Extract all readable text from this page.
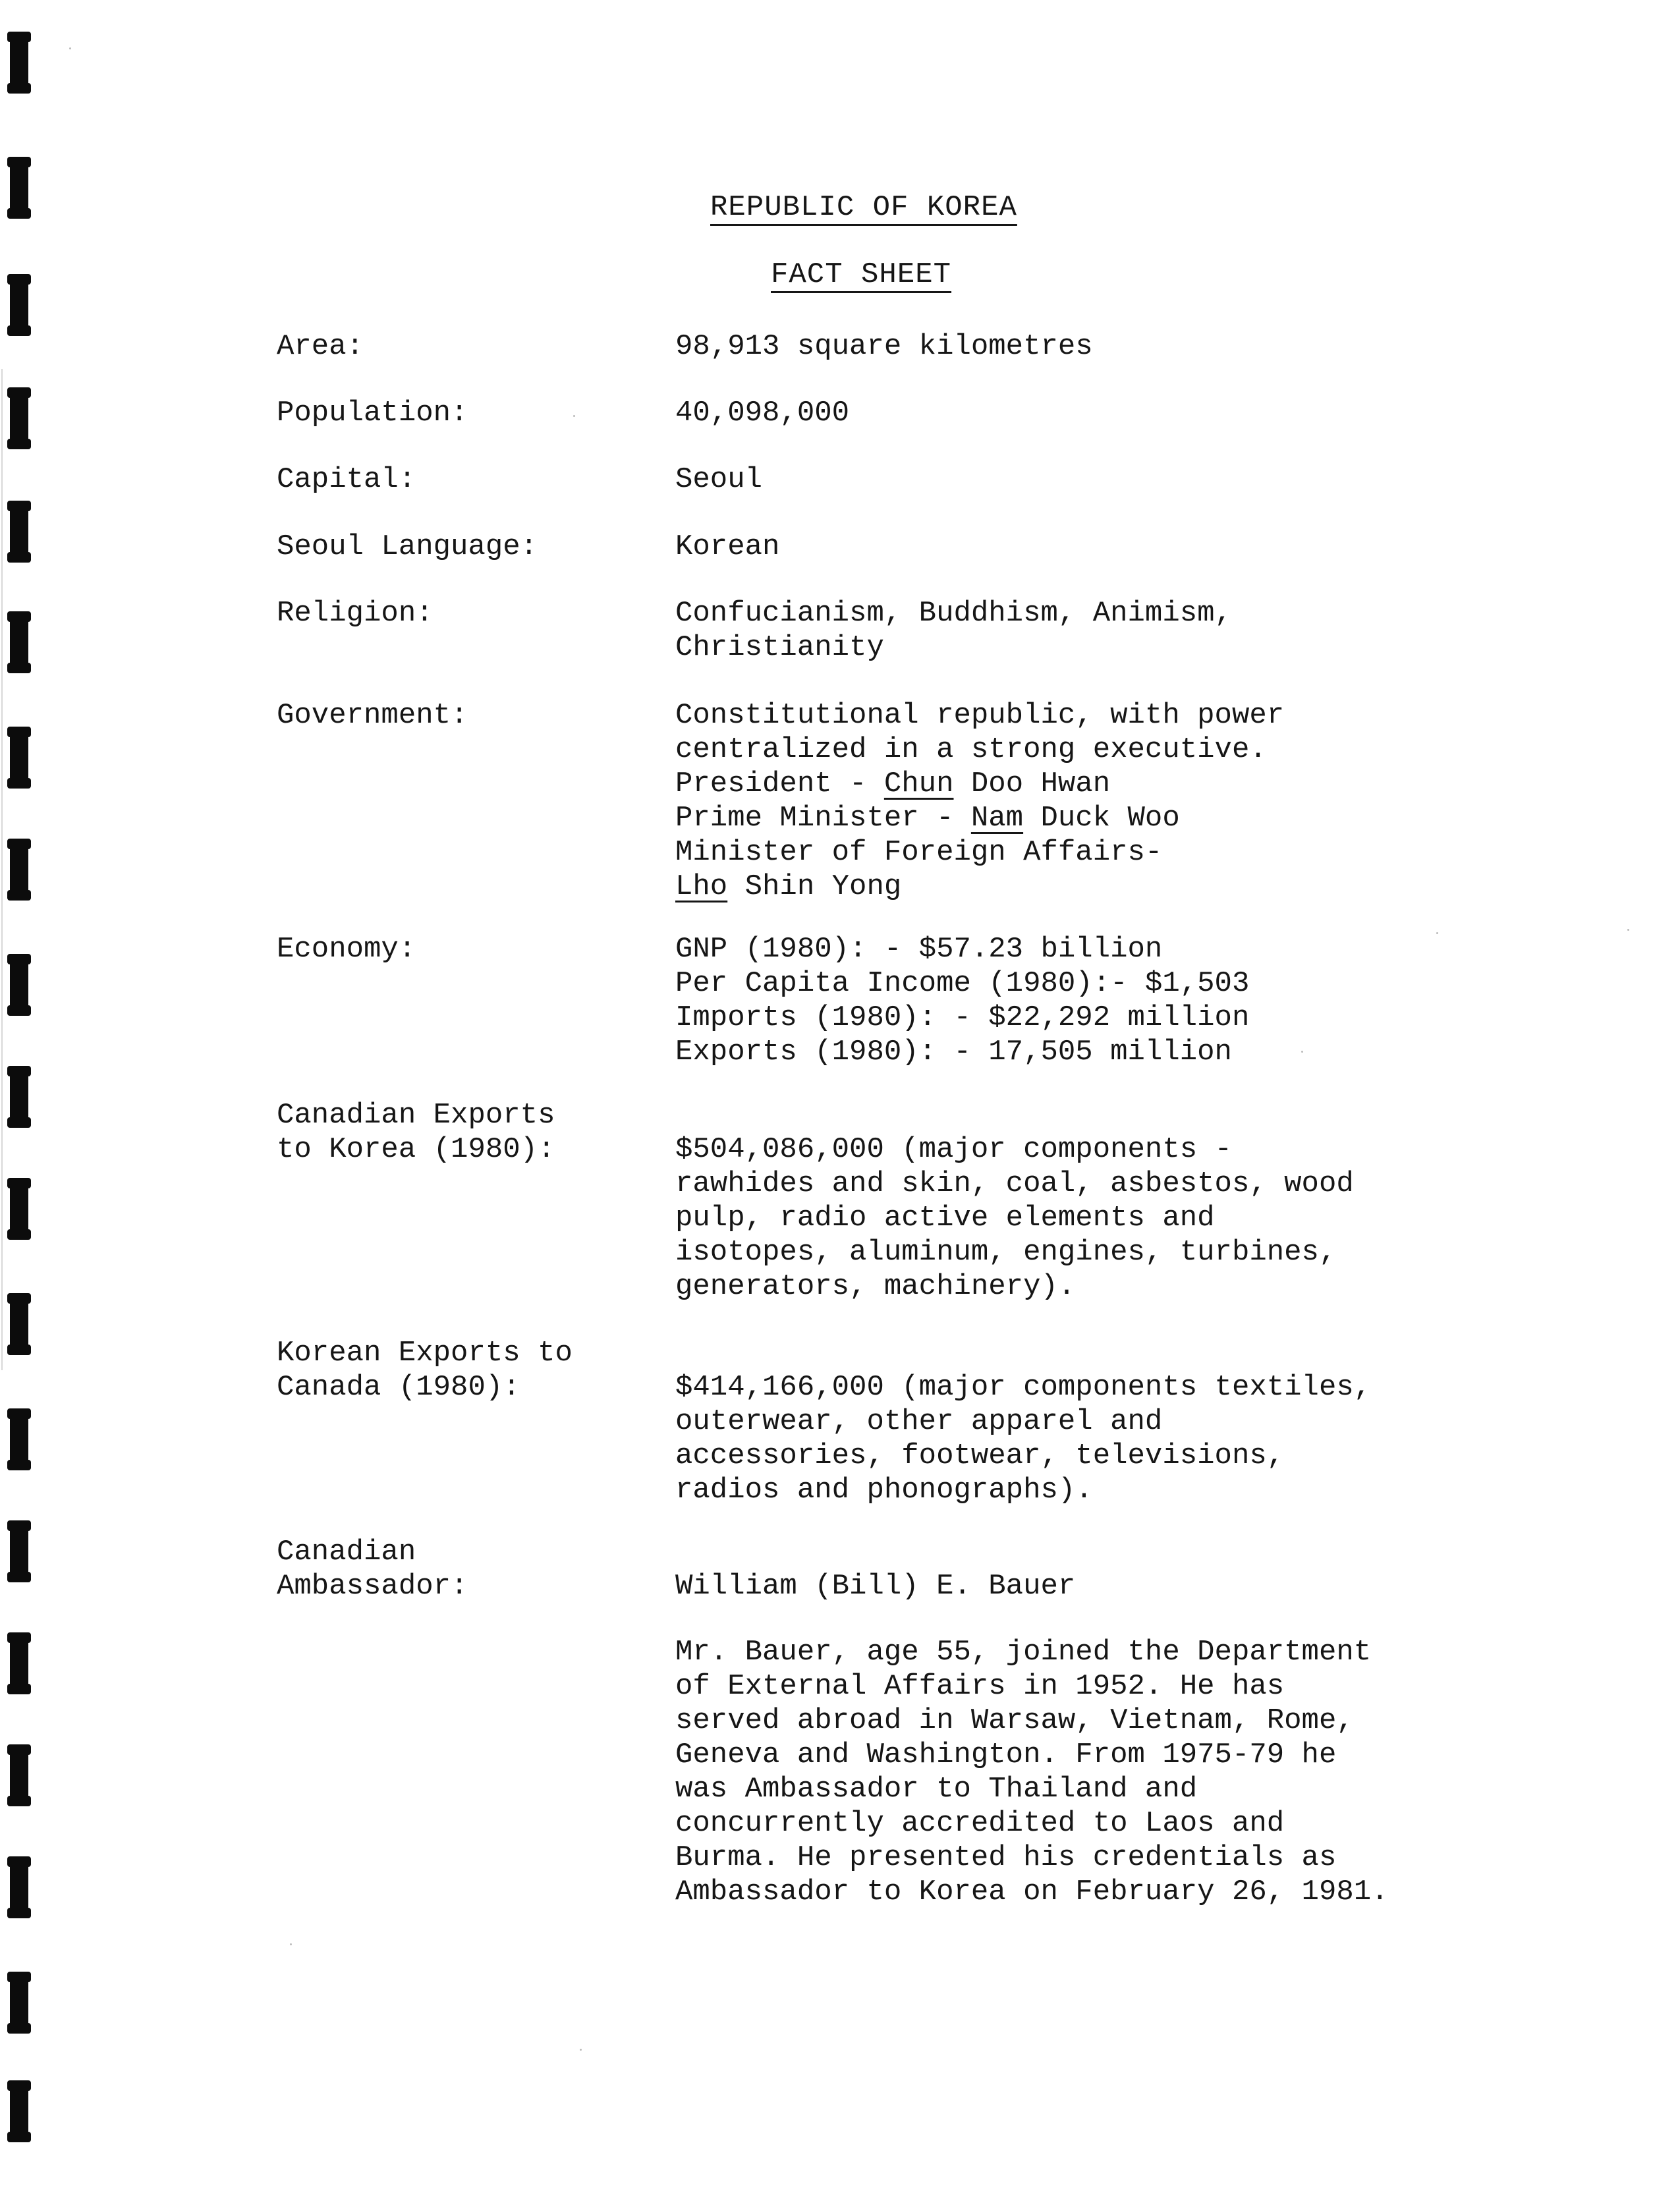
REPUBLIC OF KOREA
FACT SHEET
Area:	98,913 square kilometres
Population:	40,098,000
Capital:	Seoul
Seoul Language:	Korean
Religion:	Confucianism, Buddhism, Animism,
Christianity
Government:	Constitutional republic, with power
centralized in a strong executive.
President - Chun Doo Hwan
Prime Minister - Nam Duck Woo
Minister of Foreign Affairs-
Lho Shin Yong
Economy:	GNP (1980): - $57.23 billion
Per Capita Income (1980):- $1,503
Imports (1980): - $22,292 million
Exports (1980): - 17,505 million
Canadian Exports
to Korea (1980):	$504,086,000 (major components -
rawhides and skin, coal, asbestos, wood
pulp, radio active elements and
isotopes, aluminum, engines, turbines,
generators, machinery).
Korean Exports to
Canada (1980):	$414,166,000 (major components textiles,
outerwear, other apparel and
accessories, footwear, televisions,
radios and phonographs).
Canadian
Ambassador:	William (Bill) E. Bauer
Mr. Bauer, age 55, joined the Department
of External Affairs in 1952. He has
served abroad in Warsaw, Vietnam, Rome,
Geneva and Washington. From 1975-79 he
was Ambassador to Thailand and
concurrently accredited to Laos and
Burma. He presented his credentials as
Ambassador to Korea on February 26, 1981.
